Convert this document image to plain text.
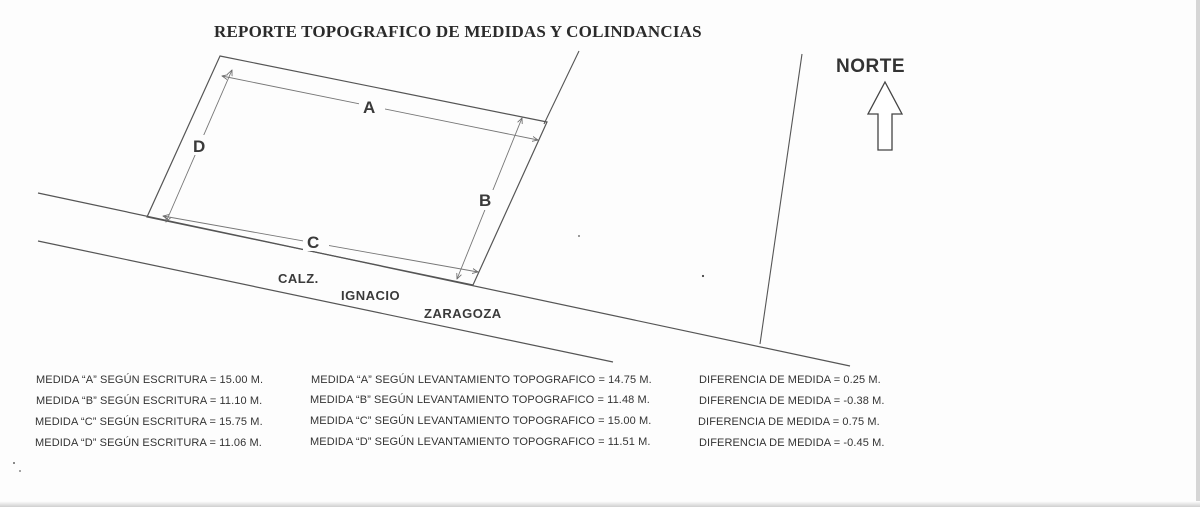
REPORTE TOPOGRAFICO DE MEDIDAS Y COLINDANCIAS
NORTE
A
B
C
D
CALZ.
IGNACIO
ZARAGOZA
MEDIDA “A” SEGÚN ESCRITURA = 15.00 M.	MEDIDA “A” SEGÚN LEVANTAMIENTO TOPOGRAFICO = 14.75 M.	DIFERENCIA DE MEDIDA = 0.25 M.
MEDIDA “B” SEGÚN ESCRITURA = 11.10 M.	MEDIDA “B” SEGÚN LEVANTAMIENTO TOPOGRAFICO = 11.48 M.	DIFERENCIA DE MEDIDA = -0.38 M.
MEDIDA “C” SEGÚN ESCRITURA = 15.75 M.	MEDIDA “C” SEGÚN LEVANTAMIENTO TOPOGRAFICO = 15.00 M.	DIFERENCIA DE MEDIDA = 0.75 M.
MEDIDA “D” SEGÚN ESCRITURA = 11.06 M.	MEDIDA “D” SEGÚN LEVANTAMIENTO TOPOGRAFICO = 11.51 M.	DIFERENCIA DE MEDIDA = -0.45 M.
